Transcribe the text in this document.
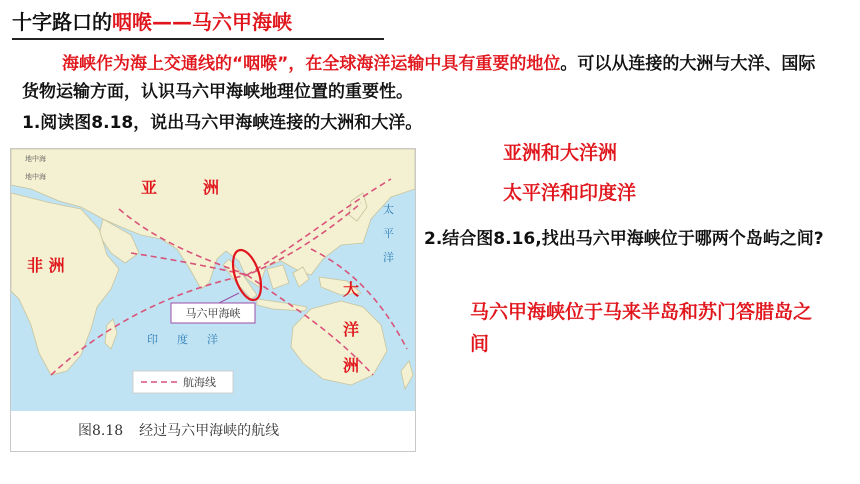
十字路口的咽喉——马六甲海峡
海峡作为海上交通线的“咽喉”，在全球海洋运输中具有重要的地位。可以从连接的大洲与大洋、国际货物运输方面，认识马六甲海峡地理位置的重要性。
1.阅读图8.18，说出马六甲海峡连接的大洲和大洋。
地中海
地中海
亚	洲
非 洲
大
洋
洲
太
平
洋
印 度 洋
马六甲海峡
航海线
图8.18 经过马六甲海峡的航线
亚洲和大洋洲
太平洋和印度洋
2.结合图8.16,找出马六甲海峡位于哪两个岛屿之间?
马六甲海峡位于马来半岛和苏门答腊岛之间
